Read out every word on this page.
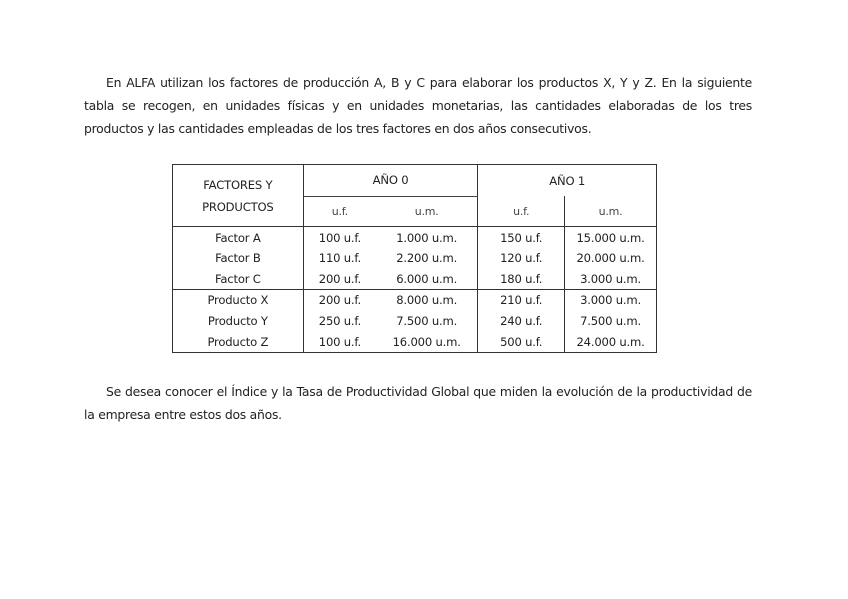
En ALFA utilizan los factores de producción A, B y C para elaborar los productos X, Y y Z. En la siguiente tabla se recogen, en unidades físicas y en unidades monetarias, las cantidades elaboradas de los tres productos y las cantidades empleadas de los tres factores en dos años consecutivos.

FACTORES Y
PRODUCTOS	AÑO 0		AÑO 1	
	u.f.	u.m.	u.f.	u.m.
Factor A	100 u.f.	1.000 u.m.	150 u.f.	15.000 u.m.
Factor B	110 u.f.	2.200 u.m.	120 u.f.	20.000 u.m.
Factor C	200 u.f.	6.000 u.m.	180 u.f.	3.000 u.m.
Producto X	200 u.f.	8.000 u.m.	210 u.f.	3.000 u.m.
Producto Y	250 u.f.	7.500 u.m.	240 u.f.	7.500 u.m.
Producto Z	100 u.f.	16.000 u.m.	500 u.f.	24.000 u.m.

Se desea conocer el Índice y la Tasa de Productividad Global que miden la evolución de la productividad de la empresa entre estos dos años.
